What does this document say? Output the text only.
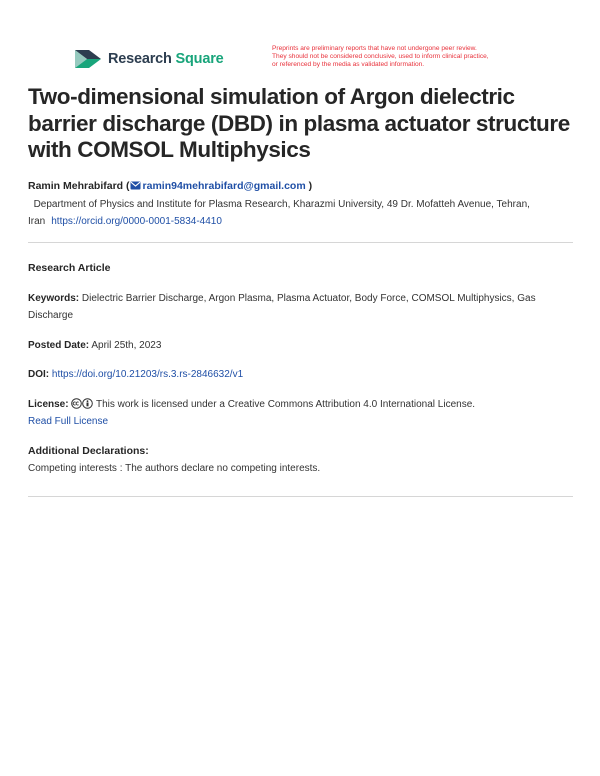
Research Square
Preprints are preliminary reports that have not undergone peer review.
They should not be considered conclusive, used to inform clinical practice,
or referenced by the media as validated information.
Two-dimensional simulation of Argon dielectric barrier discharge (DBD) in plasma actuator structure with COMSOL Multiphysics
Ramin Mehrabifard ( ramin94mehrabifard@gmail.com )
Department of Physics and Institute for Plasma Research, Kharazmi University, 49 Dr. Mofatteh Avenue, Tehran, Iran https://orcid.org/0000-0001-5834-4410
Research Article
Keywords: Dielectric Barrier Discharge, Argon Plasma, Plasma Actuator, Body Force, COMSOL Multiphysics, Gas Discharge
Posted Date: April 25th, 2023
DOI: https://doi.org/10.21203/rs.3.rs-2846632/v1
License:	This work is licensed under a Creative Commons Attribution 4.0 International License.
Read Full License
Additional Declarations:
Competing interests : The authors declare no competing interests.
